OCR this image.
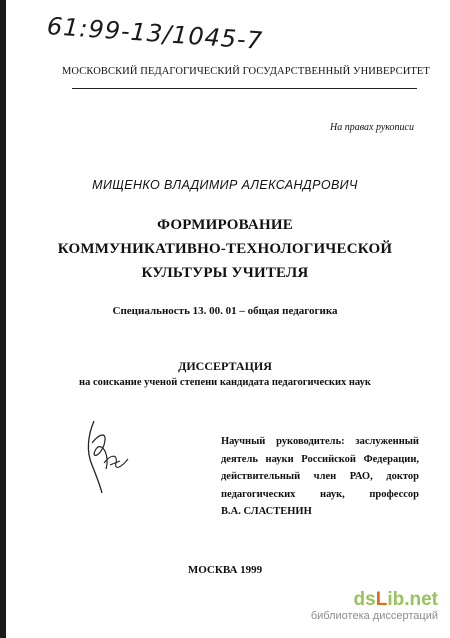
61:99-13/1045-7
МОСКОВСКИЙ ПЕДАГОГИЧЕСКИЙ ГОСУДАРСТВЕННЫЙ УНИВЕРСИТЕТ
На правах рукописи
МИЩЕНКО ВЛАДИМИР АЛЕКСАНДРОВИЧ
ФОРМИРОВАНИЕ
КОММУНИКАТИВНО-ТЕХНОЛОГИЧЕСКОЙ
КУЛЬТУРЫ УЧИТЕЛЯ
Специальность 13. 00. 01 – общая педагогика
ДИССЕРТАЦИЯ
на соискание ученой степени кандидата педагогических наук
Научный руководитель: заслуженный
деятель науки Российской Федерации,
действительный член РАО, доктор
педагогических наук, профессор
В.А. СЛАСТЕНИН
МОСКВА 1999
dsLib.net
библиотека диссертаций
